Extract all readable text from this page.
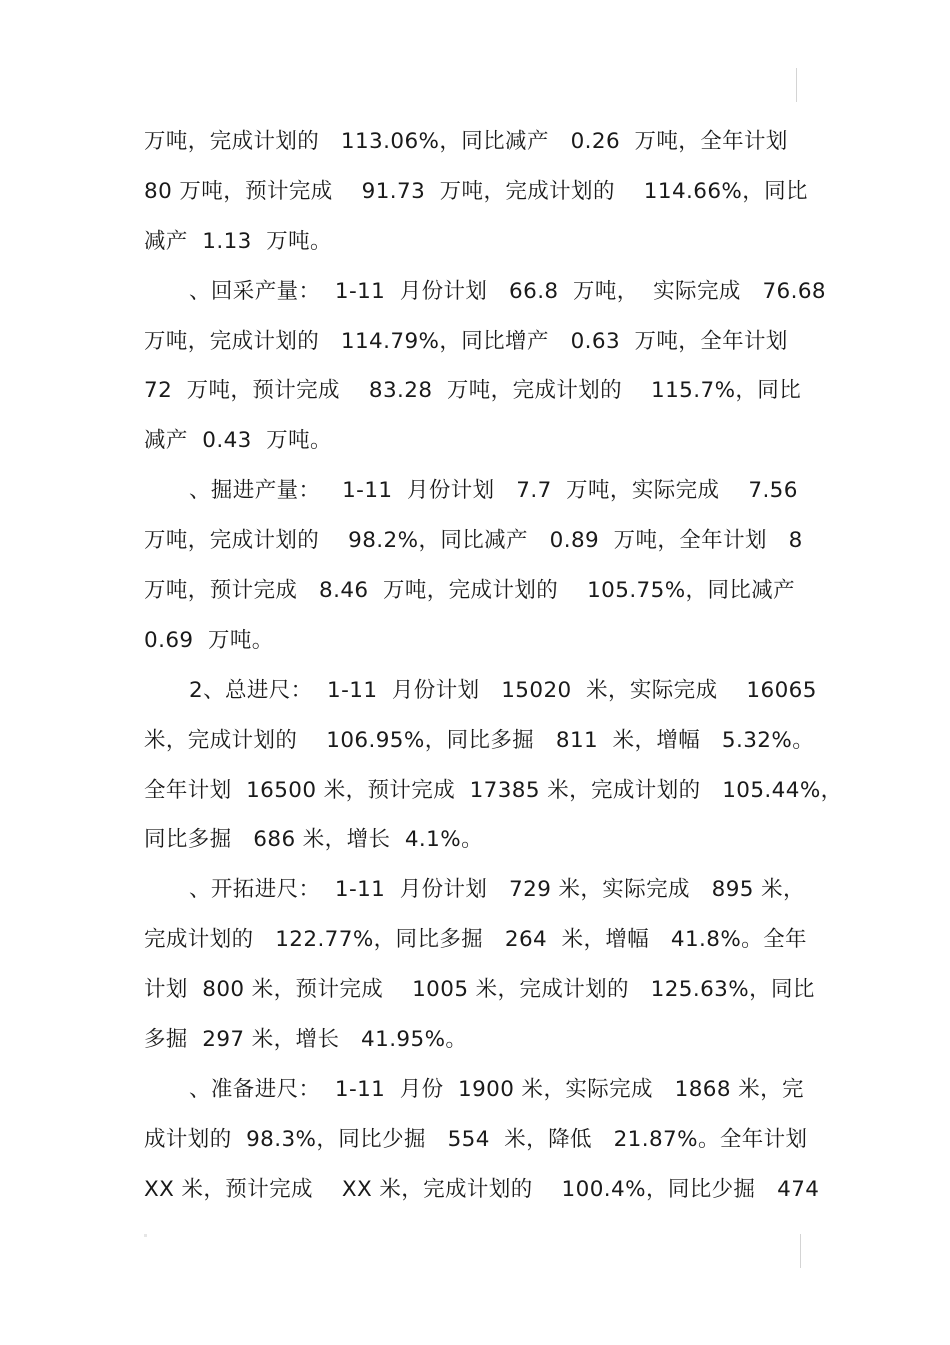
万吨，完成计划的   113.06%，同比减产   0.26  万吨，全年计划
80 万吨，预计完成    91.73  万吨，完成计划的    114.66%，同比
减产  1.13  万吨。
、回采产量：  1-11  月份计划   66.8  万吨，  实际完成   76.68
万吨，完成计划的   114.79%，同比增产   0.63  万吨，全年计划
72  万吨，预计完成    83.28  万吨，完成计划的    115.7%，同比
减产  0.43  万吨。
、掘进产量：   1-11  月份计划   7.7  万吨，实际完成    7.56
万吨，完成计划的    98.2%，同比减产   0.89  万吨，全年计划   8
万吨，预计完成   8.46  万吨，完成计划的    105.75%，同比减产
0.69  万吨。
2、总进尺：  1-11  月份计划   15020  米，实际完成    16065
米，完成计划的    106.95%，同比多掘   811  米，增幅   5.32%。
全年计划  16500 米，预计完成  17385 米，完成计划的   105.44%，
同比多掘   686 米，增长  4.1%。
、开拓进尺：  1-11  月份计划   729 米，实际完成   895 米，
完成计划的   122.77%，同比多掘   264  米，增幅   41.8%。全年
计划  800 米，预计完成    1005 米，完成计划的   125.63%，同比
多掘  297 米，增长   41.95%。
、准备进尺：  1-11  月份  1900 米，实际完成   1868 米，完
成计划的  98.3%，同比少掘   554  米，降低   21.87%。全年计划
XX 米，预计完成    XX 米，完成计划的    100.4%，同比少掘   474
